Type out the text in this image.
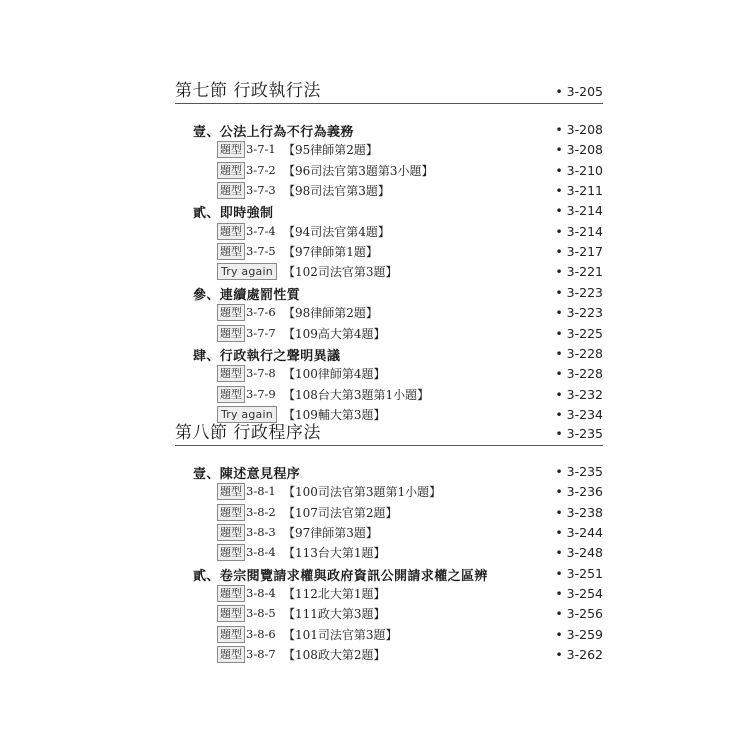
第七節 行政執行法	• 3-205
壹、公法上行為不行為義務	• 3-208
題型 3-7-1 【95律師第2題】	• 3-208
題型 3-7-2 【96司法官第3題第3小題】	• 3-210
題型 3-7-3 【98司法官第3題】	• 3-211
貳、即時強制	• 3-214
題型 3-7-4 【94司法官第4題】	• 3-214
題型 3-7-5 【97律師第1題】	• 3-217
Try again 【102司法官第3題】	• 3-221
參、連續處罰性質	• 3-223
題型 3-7-6 【98律師第2題】	• 3-223
題型 3-7-7 【109高大第4題】	• 3-225
肆、行政執行之聲明異議	• 3-228
題型 3-7-8 【100律師第4題】	• 3-228
題型 3-7-9 【108台大第3題第1小題】	• 3-232
Try again 【109輔大第3題】	• 3-234
第八節 行政程序法	• 3-235
壹、陳述意見程序	• 3-235
題型 3-8-1 【100司法官第3題第1小題】	• 3-236
題型 3-8-2 【107司法官第2題】	• 3-238
題型 3-8-3 【97律師第3題】	• 3-244
題型 3-8-4 【113台大第1題】	• 3-248
貳、卷宗閱覽請求權與政府資訊公開請求權之區辨	• 3-251
題型 3-8-4 【112北大第1題】	• 3-254
題型 3-8-5 【111政大第3題】	• 3-256
題型 3-8-6 【101司法官第3題】	• 3-259
題型 3-8-7 【108政大第2題】	• 3-262
